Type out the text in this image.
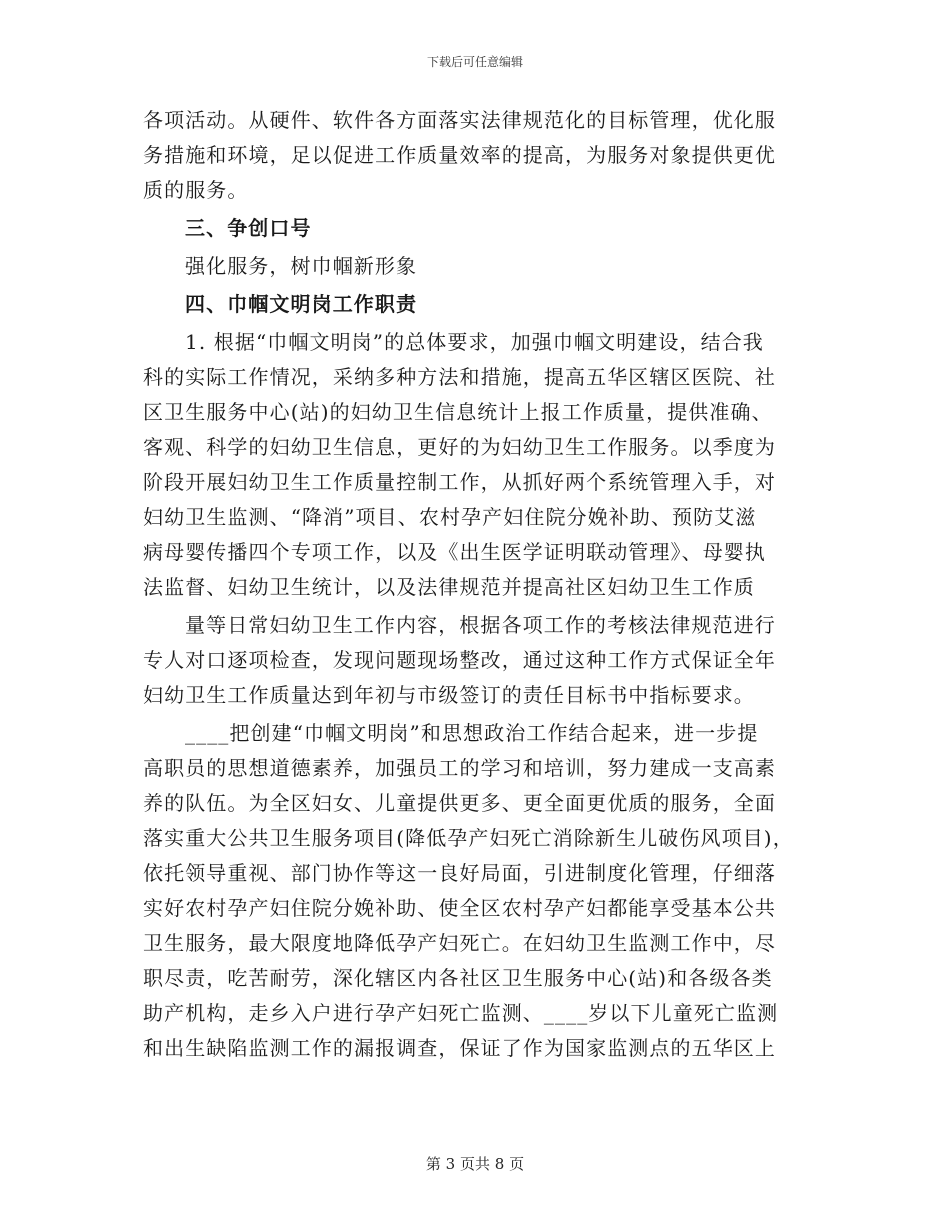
下载后可任意编辑
各项活动。从硬件、软件各方面落实法律规范化的目标管理，优化服
务措施和环境，足以促进工作质量效率的提高，为服务对象提供更优
质的服务。
三、争创口号
强化服务，树巾帼新形象
四、巾帼文明岗工作职责
1. 根据“巾帼文明岗”的总体要求，加强巾帼文明建设，结合我
科的实际工作情况，采纳多种方法和措施，提高五华区辖区医院、社
区卫生服务中心(站)的妇幼卫生信息统计上报工作质量，提供准确、
客观、科学的妇幼卫生信息，更好的为妇幼卫生工作服务。以季度为
阶段开展妇幼卫生工作质量控制工作，从抓好两个系统管理入手，对
妇幼卫生监测、“降消”项目、农村孕产妇住院分娩补助、预防艾滋
病母婴传播四个专项工作，以及《出生医学证明联动管理》、母婴执
法监督、妇幼卫生统计，以及法律规范并提高社区妇幼卫生工作质
量等日常妇幼卫生工作内容，根据各项工作的考核法律规范进行
专人对口逐项检查，发现问题现场整改，通过这种工作方式保证全年
妇幼卫生工作质量达到年初与市级签订的责任目标书中指标要求。
____把创建“巾帼文明岗”和思想政治工作结合起来，进一步提
高职员的思想道德素养，加强员工的学习和培训，努力建成一支高素
养的队伍。为全区妇女、儿童提供更多、更全面更优质的服务，全面
落实重大公共卫生服务项目(降低孕产妇死亡消除新生儿破伤风项目)，
依托领导重视、部门协作等这一良好局面，引进制度化管理，仔细落
实好农村孕产妇住院分娩补助、使全区农村孕产妇都能享受基本公共
卫生服务，最大限度地降低孕产妇死亡。在妇幼卫生监测工作中，尽
职尽责，吃苦耐劳，深化辖区内各社区卫生服务中心(站)和各级各类
助产机构，走乡入户进行孕产妇死亡监测、____岁以下儿童死亡监测
和出生缺陷监测工作的漏报调查，保证了作为国家监测点的五华区上
第 3 页共 8 页
